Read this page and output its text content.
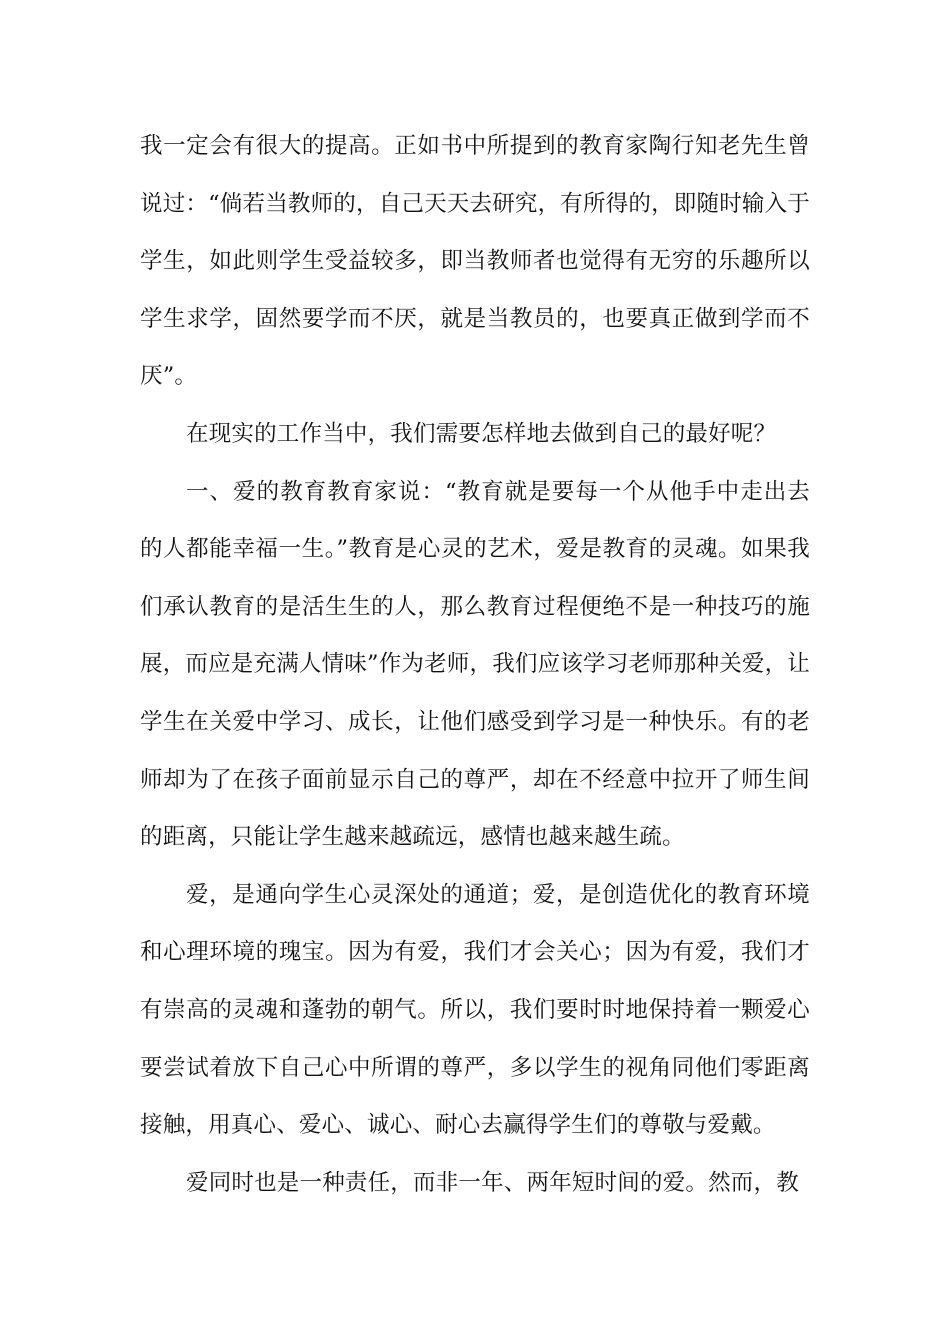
我一定会有很大的提高。正如书中所提到的教育家陶行知老先生曾说过：“倘若当教师的，自己天天去研究，有所得的，即随时输入于学生，如此则学生受益较多，即当教师者也觉得有无穷的乐趣所以学生求学，固然要学而不厌，就是当教员的，也要真正做到学而不厌”。

在现实的工作当中，我们需要怎样地去做到自己的最好呢？

一、爱的教育教育家说：“教育就是要每一个从他手中走出去的人都能幸福一生。”教育是心灵的艺术，爱是教育的灵魂。如果我们承认教育的是活生生的人，那么教育过程便绝不是一种技巧的施展，而应是充满人情味”作为老师，我们应该学习老师那种关爱，让学生在关爱中学习、成长，让他们感受到学习是一种快乐。有的老师却为了在孩子面前显示自己的尊严，却在不经意中拉开了师生间的距离，只能让学生越来越疏远，感情也越来越生疏。

爱，是通向学生心灵深处的通道；爱，是创造优化的教育环境和心理环境的瑰宝。因为有爱，我们才会关心；因为有爱，我们才有崇高的灵魂和蓬勃的朝气。所以，我们要时时地保持着一颗爱心要尝试着放下自己心中所谓的尊严，多以学生的视角同他们零距离接触，用真心、爱心、诚心、耐心去赢得学生们的尊敬与爱戴。

爱同时也是一种责任，而非一年、两年短时间的爱。然而，教
